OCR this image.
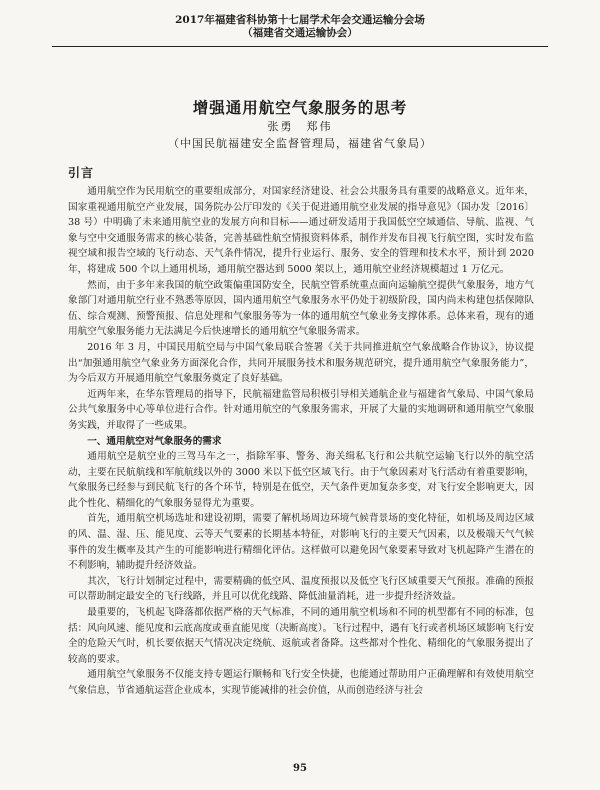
2017年福建省科协第十七届学术年会交通运输分会场
（福建省交通运输协会）
增强通用航空气象服务的思考
张勇　郑伟
（中国民航福建安全监督管理局，福建省气象局）
引言

通用航空作为民用航空的重要组成部分，对国家经济建设、社会公共服务具有重要的战略意义。近年来，国家重视通用航空产业发展，国务院办公厅印发的《关于促进通用航空业发展的指导意见》（国办发〔2016〕38 号）中明确了未来通用航空业的发展方向和目标——通过研发适用于我国低空空域通信、导航、监视、气象与空中交通服务需求的核心装备，完善基础性航空情报资料体系，制作并发布目视飞行航空图，实时发布监视空域和报告空域的飞行动态、天气条件情况，提升行业运行、服务、安全的管理和技术水平，预计到 2020 年，将建成 500 个以上通用机场，通用航空器达到 5000 架以上，通用航空业经济规模超过 1 万亿元。

然而，由于多年来我国的航空政策偏重国防安全，民航空管系统重点面向运输航空提供气象服务，地方气象部门对通用航空行业不熟悉等原因，国内通用航空气象服务水平仍处于初级阶段，国内尚未构建包括保障队伍、综合观测、预警预报、信息处理和气象服务等为一体的通用航空气象业务支撑体系。总体来看，现有的通用航空气象服务能力无法满足今后快速增长的通用航空气象服务需求。

2016 年 3 月，中国民用航空局与中国气象局联合签署《关于共同推进航空气象战略合作协议》，协议提出“加强通用航空气象业务方面深化合作，共同开展服务技术和服务规范研究，提升通用航空气象服务能力”，为今后双方开展通用航空气象服务奠定了良好基础。

近两年来，在华东管理局的指导下，民航福建监管局积极引导相关通航企业与福建省气象局、中国气象局公共气象服务中心等单位进行合作。针对通用航空的气象服务需求，开展了大量的实地调研和通用航空气象服务实践，并取得了一些成果。

一、通用航空对气象服务的需求

通用航空是航空业的三驾马车之一，指除军事、警务、海关缉私飞行和公共航空运输飞行以外的航空活动，主要在民航航线和军航航线以外的 3000 米以下低空区域飞行。由于气象因素对飞行活动有着重要影响，气象服务已经参与到民航飞行的各个环节，特别是在低空，天气条件更加复杂多变，对飞行安全影响更大，因此个性化、精细化的气象服务显得尤为重要。

首先，通用航空机场选址和建设初期，需要了解机场周边环境气候背景场的变化特征，如机场及周边区域的风、温、湿、压、能见度、云等天气要素的长期基本特征，对影响飞行的主要天气因素，以及极端天气气候事件的发生概率及其产生的可能影响进行精细化评估。这样做可以避免因气象要素导致对飞机起降产生潜在的不利影响，辅助提升经济效益。

其次，飞行计划制定过程中，需要精确的低空风、温度预报以及低空飞行区域重要天气预报。准确的预报可以帮助制定最安全的飞行线路，并且可以优化线路、降低油量消耗，进一步提升经济效益。

最重要的，飞机起飞降落都依据严格的天气标准，不同的通用航空机场和不同的机型都有不同的标准，包括：风向风速、能见度和云底高度或垂直能见度（决断高度）。飞行过程中，遇有飞行或者机场区域影响飞行安全的危险天气时，机长要依据天气情况决定绕航、返航或者备降。这些都对个性化、精细化的气象服务提出了较高的要求。

通用航空气象服务不仅能支持专题运行顺畅和飞行安全快捷，也能通过帮助用户正确理解和有效使用航空气象信息，节省通航运营企业成本，实现节能减排的社会价值，从而创造经济与社会

95
